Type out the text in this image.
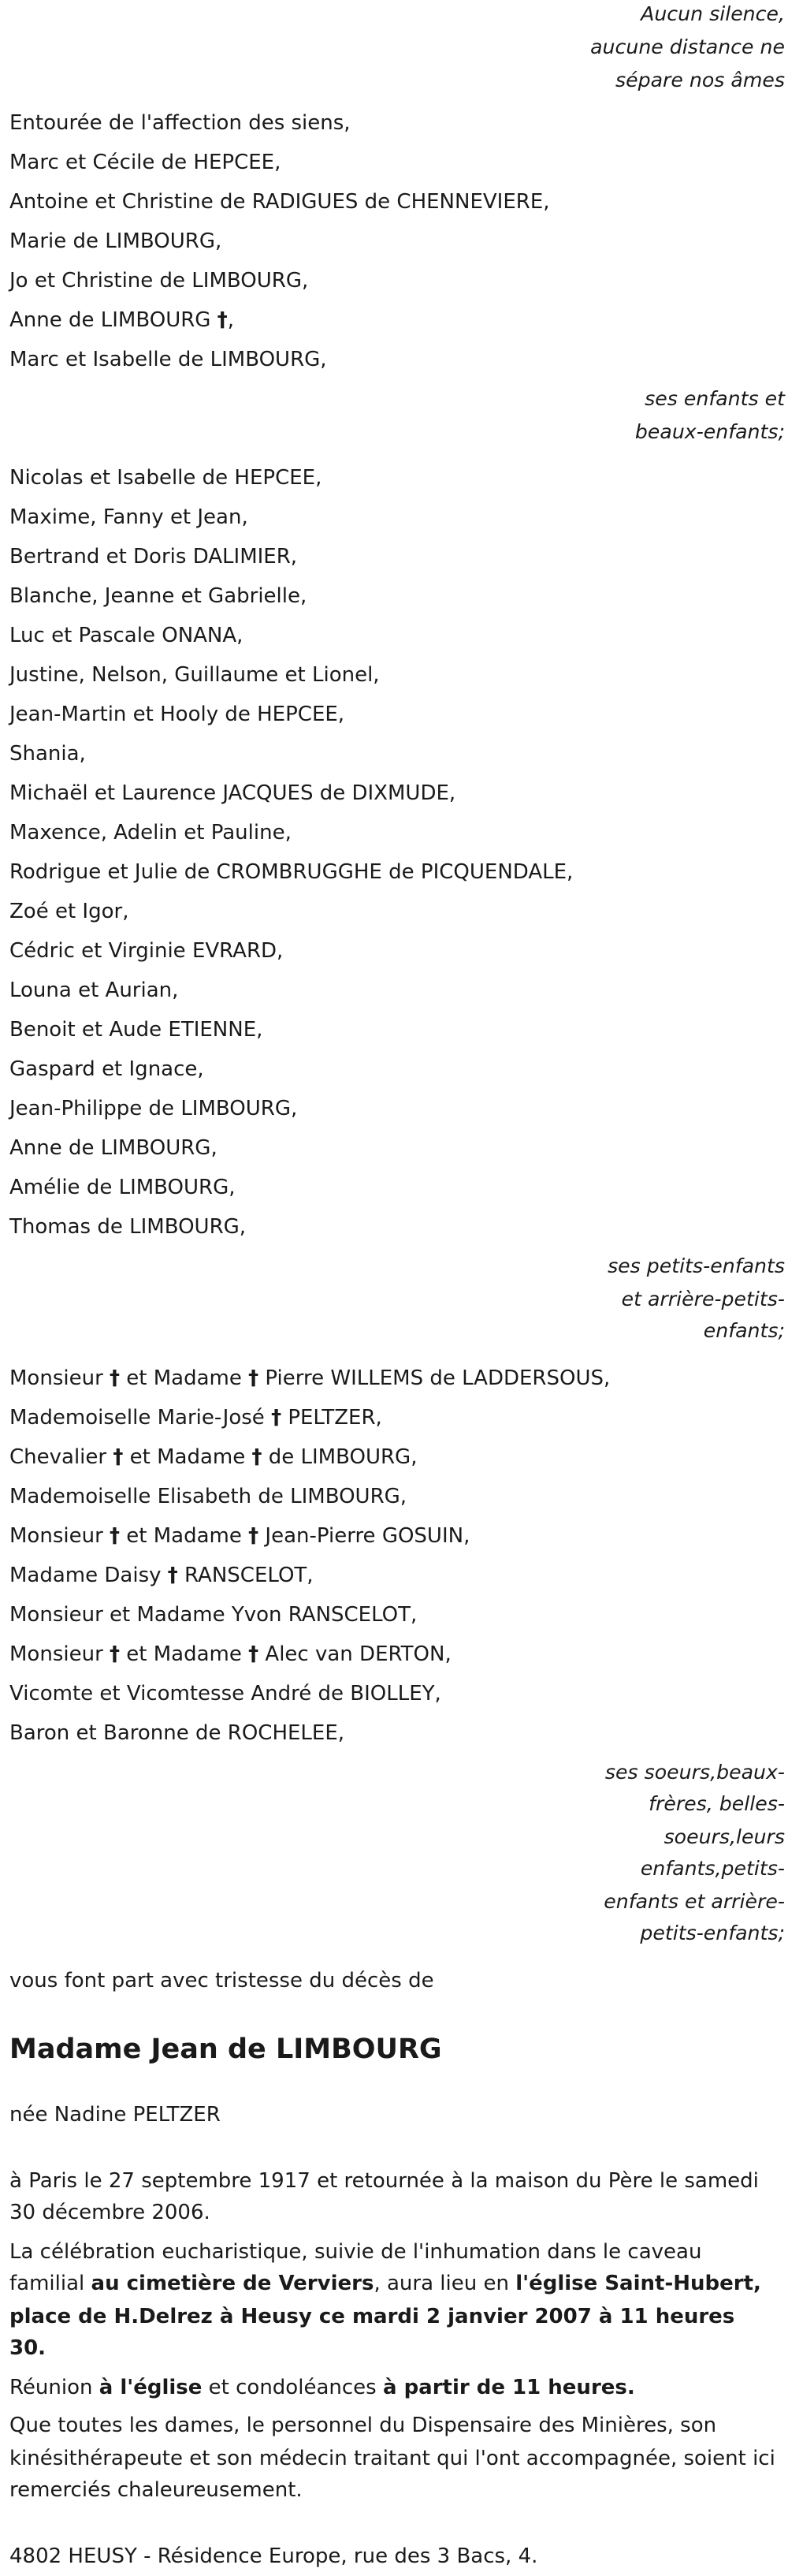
Aucun silence,
aucune distance ne
sépare nos âmes
Entourée de l'affection des siens,
Marc et Cécile de HEPCEE,
Antoine et Christine de RADIGUES de CHENNEVIERE,
Marie de LIMBOURG,
Jo et Christine de LIMBOURG,
Anne de LIMBOURG †,
Marc et Isabelle de LIMBOURG,
ses enfants et
beaux-enfants;
Nicolas et Isabelle de HEPCEE,
Maxime, Fanny et Jean,
Bertrand et Doris DALIMIER,
Blanche, Jeanne et Gabrielle,
Luc et Pascale ONANA,
Justine, Nelson, Guillaume et Lionel,
Jean-Martin et Hooly de HEPCEE,
Shania,
Michaël et Laurence JACQUES de DIXMUDE,
Maxence, Adelin et Pauline,
Rodrigue et Julie de CROMBRUGGHE de PICQUENDALE,
Zoé et Igor,
Cédric et Virginie EVRARD,
Louna et Aurian,
Benoit et Aude ETIENNE,
Gaspard et Ignace,
Jean-Philippe de LIMBOURG,
Anne de LIMBOURG,
Amélie de LIMBOURG,
Thomas de LIMBOURG,
ses petits-enfants
et arrière-petits-
enfants;
Monsieur † et Madame † Pierre WILLEMS de LADDERSOUS,
Mademoiselle Marie-José † PELTZER,
Chevalier † et Madame † de LIMBOURG,
Mademoiselle Elisabeth de LIMBOURG,
Monsieur † et Madame † Jean-Pierre GOSUIN,
Madame Daisy † RANSCELOT,
Monsieur et Madame Yvon RANSCELOT,
Monsieur † et Madame † Alec van DERTON,
Vicomte et Vicomtesse André de BIOLLEY,
Baron et Baronne de ROCHELEE,
ses soeurs,beaux-
frères, belles-
soeurs,leurs
enfants,petits-
enfants et arrière-
petits-enfants;
vous font part avec tristesse du décès de
Madame Jean de LIMBOURG
née Nadine PELTZER
à Paris le 27 septembre 1917 et retournée à la maison du Père le samedi 30 décembre 2006.
La célébration eucharistique, suivie de l'inhumation dans le caveau familial au cimetière de Verviers, aura lieu en l'église Saint-Hubert, place de H.Delrez à Heusy ce mardi 2 janvier 2007 à 11 heures 30.
Réunion à l'église et condoléances à partir de 11 heures.
Que toutes les dames, le personnel du Dispensaire des Minières, son kinésithérapeute et son médecin traitant qui l'ont accompagnée, soient ici remerciés chaleureusement.
4802 HEUSY - Résidence Europe, rue des 3 Bacs, 4.
